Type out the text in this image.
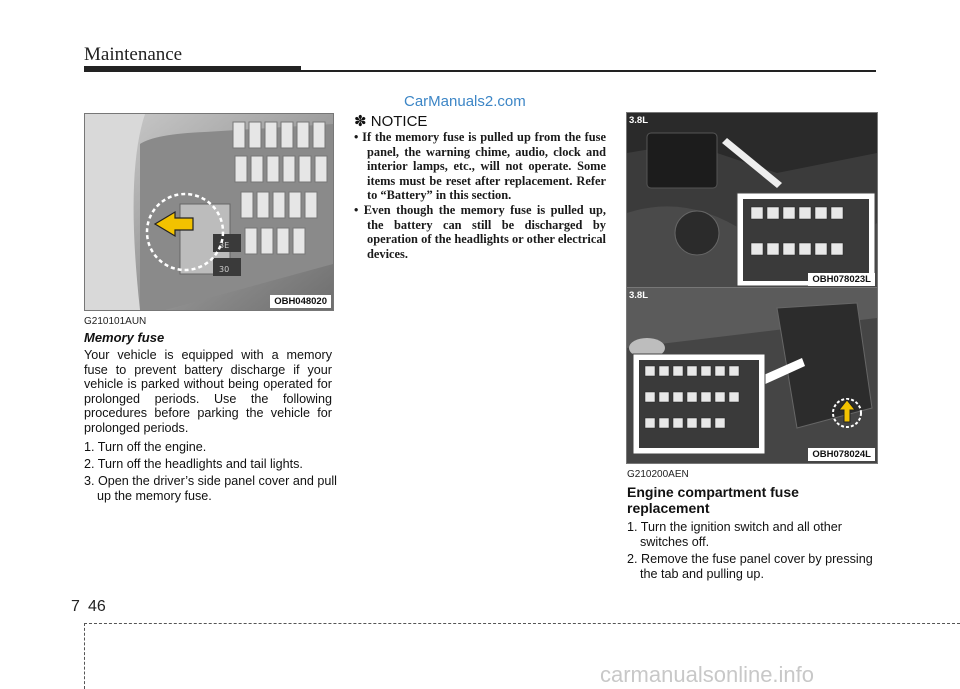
Maintenance
CarManuals2.com
3E
30
OBH048020
G210101AUN
Memory fuse
Your vehicle is equipped with a memory fuse to prevent battery discharge if your vehicle is parked without being operated for prolonged periods. Use the following procedures before parking the vehicle for prolonged periods.
1. Turn off the engine.
2. Turn off the headlights and tail lights.
3. Open the driver’s side panel cover and pull up the memory fuse.
✽ NOTICE
• If the memory fuse is pulled up from the fuse panel, the warning chime, audio, clock and interior lamps, etc., will not operate. Some items must be reset after replacement. Refer to “Battery” in this section.
• Even though the memory fuse is pulled up, the battery can still be discharged by operation of the headlights or other electrical devices.
3.8L
OBH078023L
3.8L
OBH078024L
G210200AEN
Engine compartment fuse replacement
1. Turn the ignition switch and all other switches off.
2. Remove the fuse panel cover by pressing the tab and pulling up.
7 46
carmanualsonline.info
